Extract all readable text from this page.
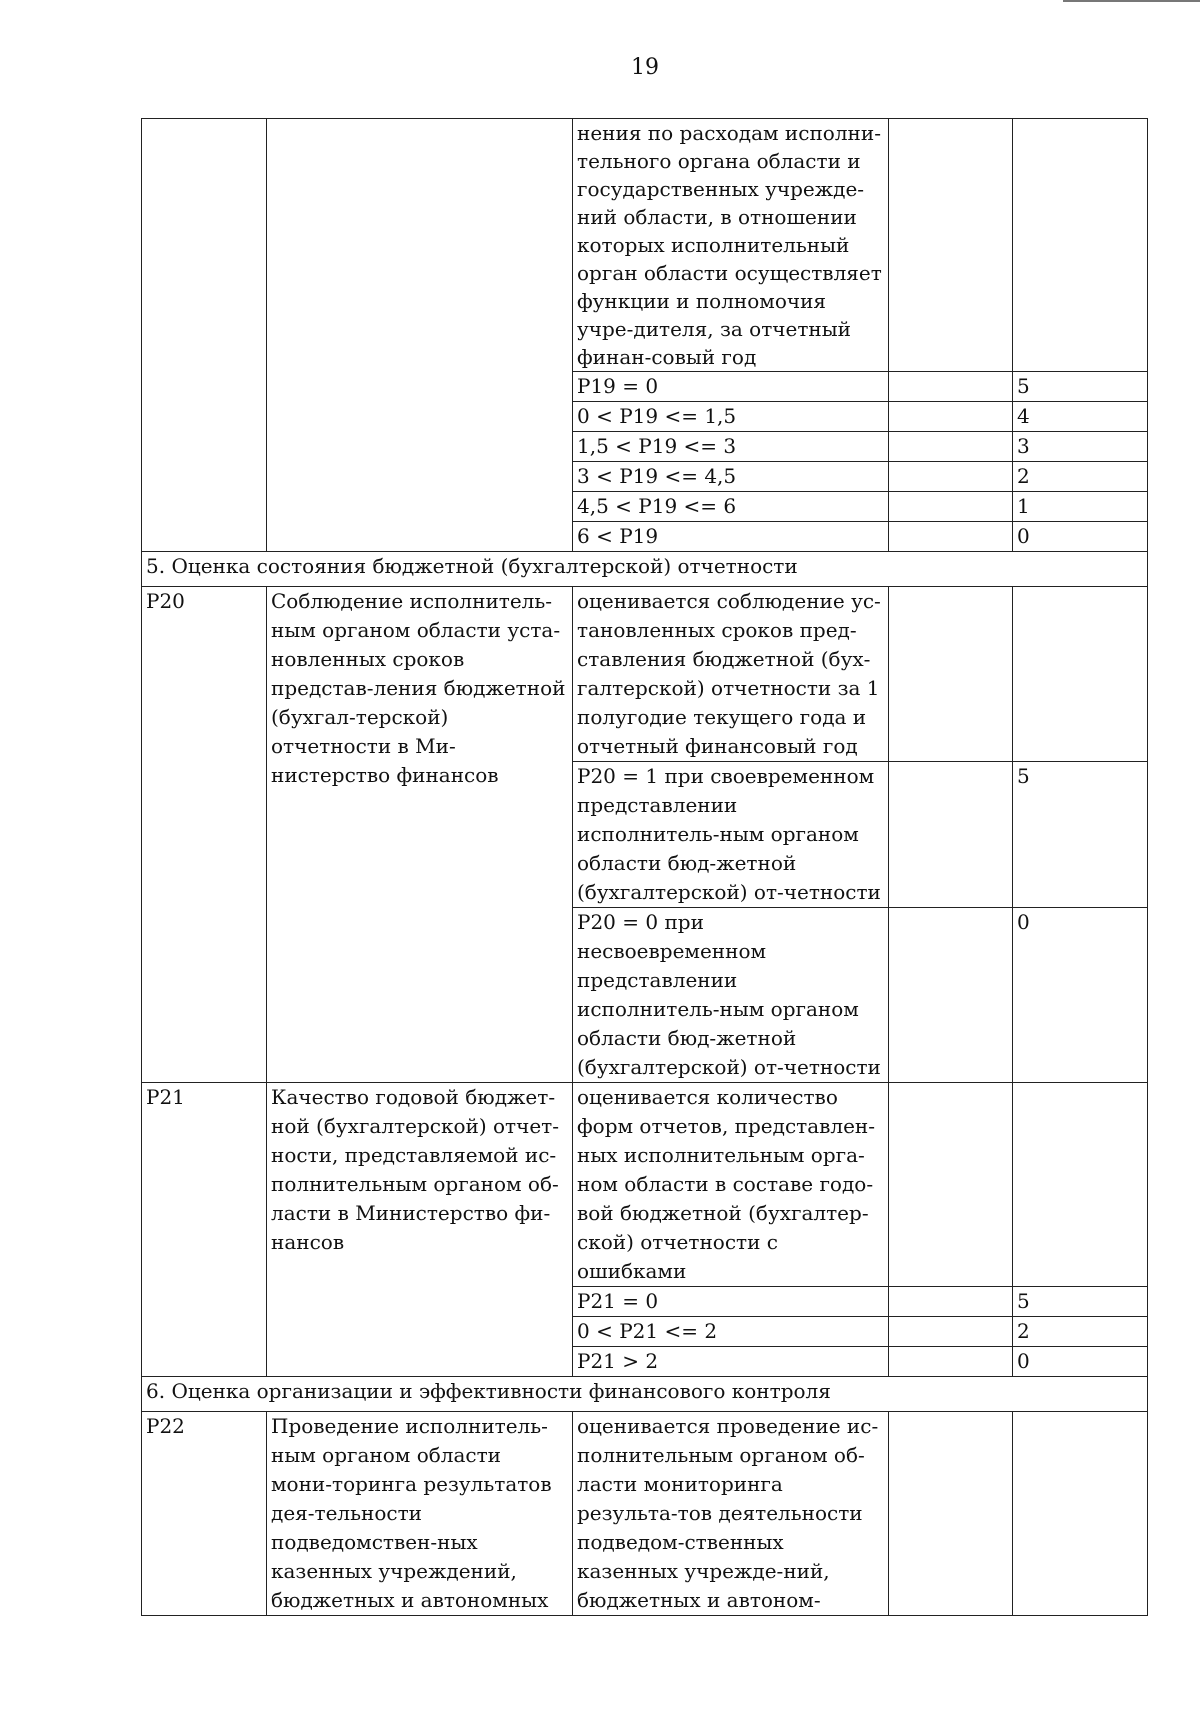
19
		нения по расходам исполни-тельного органа области и государственных учрежде-ний области, в отношении которых исполнительный орган области осуществляет функции и полномочия учре-дителя, за отчетный финан-совый год		
		P19 = 0		5
		0 < P19 <= 1,5		4
		1,5 < P19 <= 3		3
		3 < P19 <= 4,5		2
		4,5 < P19 <= 6		1
		6 < P19		0
5. Оценка состояния бюджетной (бухгалтерской) отчетности				
P20	Соблюдение исполнитель-ным органом области уста-новленных сроков представ-ления бюджетной (бухгал-терской) отчетности в Ми-нистерство финансов	оценивается соблюдение ус-тановленных сроков пред-ставления бюджетной (бух-галтерской) отчетности за 1 полугодие текущего года и отчетный финансовый год		
		P20 = 1 при своевременном представлении исполнитель-ным органом области бюд-жетной (бухгалтерской) от-четности		5
		P20 = 0 при несвоевременном представлении исполнитель-ным органом области бюд-жетной (бухгалтерской) от-четности		0
P21	Качество годовой бюджет-ной (бухгалтерской) отчет-ности, представляемой ис-полнительным органом об-ласти в Министерство фи-нансов	оценивается количество форм отчетов, представлен-ных исполнительным орга-ном области в составе годо-вой бюджетной (бухгалтер-ской) отчетности с ошибками		
		P21 = 0		5
		0 < P21 <= 2		2
		P21 > 2		0
6. Оценка организации и эффективности финансового контроля				
P22	Проведение исполнитель-ным органом области мони-торинга результатов дея-тельности подведомствен-ных казенных учреждений, бюджетных и автономных	оценивается проведение ис-полнительным органом об-ласти мониторинга результа-тов деятельности подведом-ственных казенных учрежде-ний, бюджетных и автоном-		
